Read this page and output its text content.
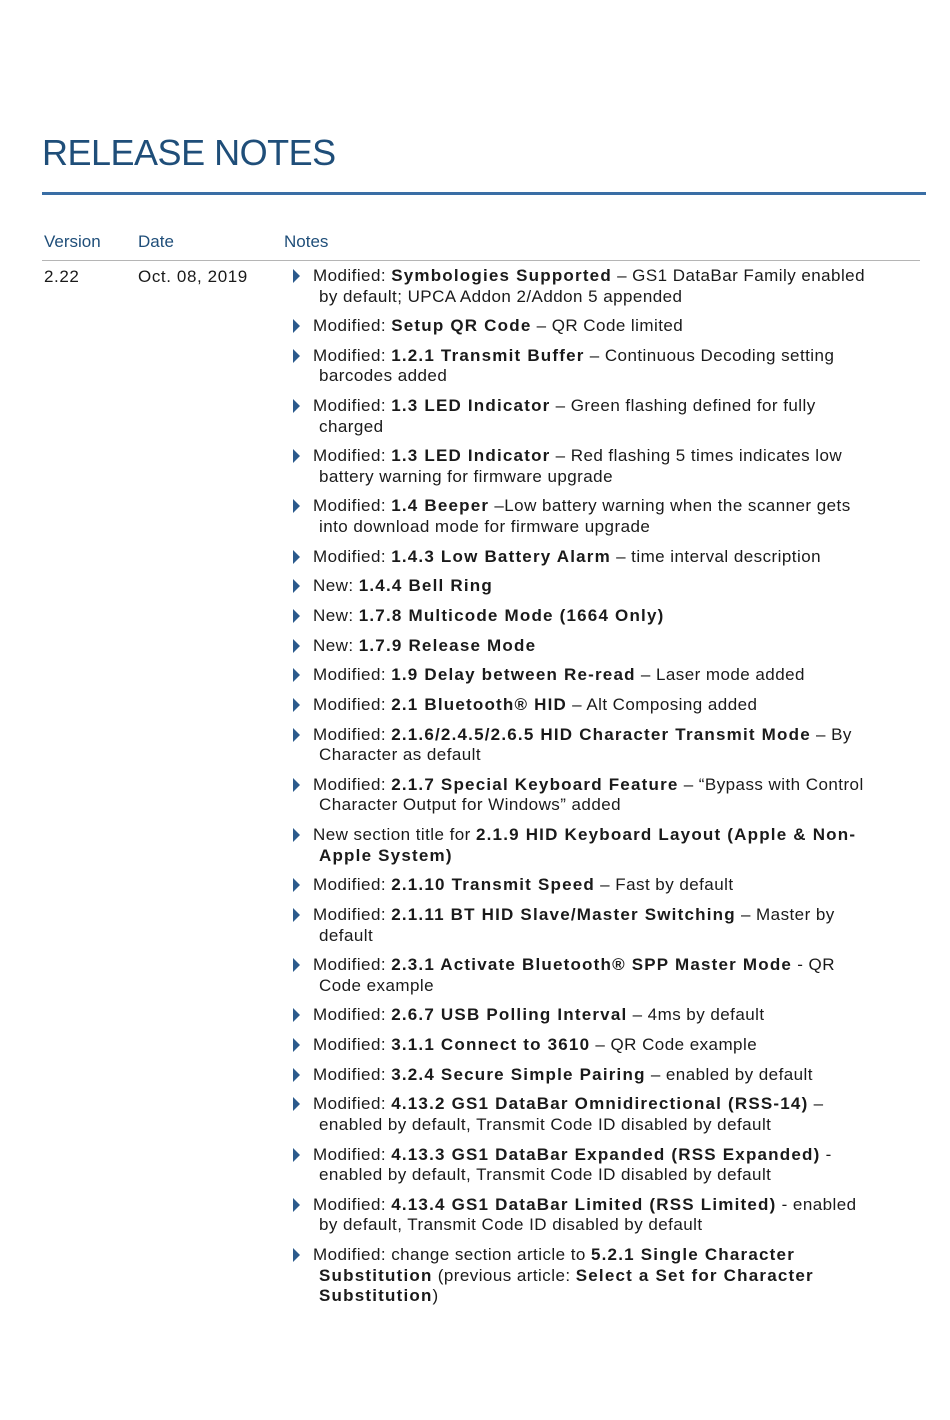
RELEASE NOTES
Version Date	Notes
2.22	Oct. 08, 2019	Modified: Symbologies Supported – GS1 DataBar Family enabled
by default; UPCA Addon 2/Addon 5 appended
Modified: Setup QR Code – QR Code limited
Modified: 1.2.1 Transmit Buffer – Continuous Decoding setting
barcodes added
Modified: 1.3 LED Indicator – Green flashing defined for fully
charged
Modified: 1.3 LED Indicator – Red flashing 5 times indicates low
battery warning for firmware upgrade
Modified: 1.4 Beeper –Low battery warning when the scanner gets
into download mode for firmware upgrade
Modified: 1.4.3 Low Battery Alarm – time interval description
New: 1.4.4 Bell Ring
New: 1.7.8 Multicode Mode (1664 Only)
New: 1.7.9 Release Mode
Modified: 1.9 Delay between Re-read – Laser mode added
Modified: 2.1 Bluetooth® HID – Alt Composing added
Modified: 2.1.6/2.4.5/2.6.5 HID Character Transmit Mode – By
Character as default
Modified: 2.1.7 Special Keyboard Feature – “Bypass with Control
Character Output for Windows” added
New section title for 2.1.9 HID Keyboard Layout (Apple & Non-
Apple System)
Modified: 2.1.10 Transmit Speed – Fast by default
Modified: 2.1.11 BT HID Slave/Master Switching – Master by
default
Modified: 2.3.1 Activate Bluetooth® SPP Master Mode - QR
Code example
Modified: 2.6.7 USB Polling Interval – 4ms by default
Modified: 3.1.1 Connect to 3610 – QR Code example
Modified: 3.2.4 Secure Simple Pairing – enabled by default
Modified: 4.13.2 GS1 DataBar Omnidirectional (RSS-14) –
enabled by default, Transmit Code ID disabled by default
Modified: 4.13.3 GS1 DataBar Expanded (RSS Expanded) -
enabled by default, Transmit Code ID disabled by default
Modified: 4.13.4 GS1 DataBar Limited (RSS Limited) - enabled
by default, Transmit Code ID disabled by default
Modified: change section article to 5.2.1 Single Character
Substitution (previous article: Select a Set for Character
Substitution)
